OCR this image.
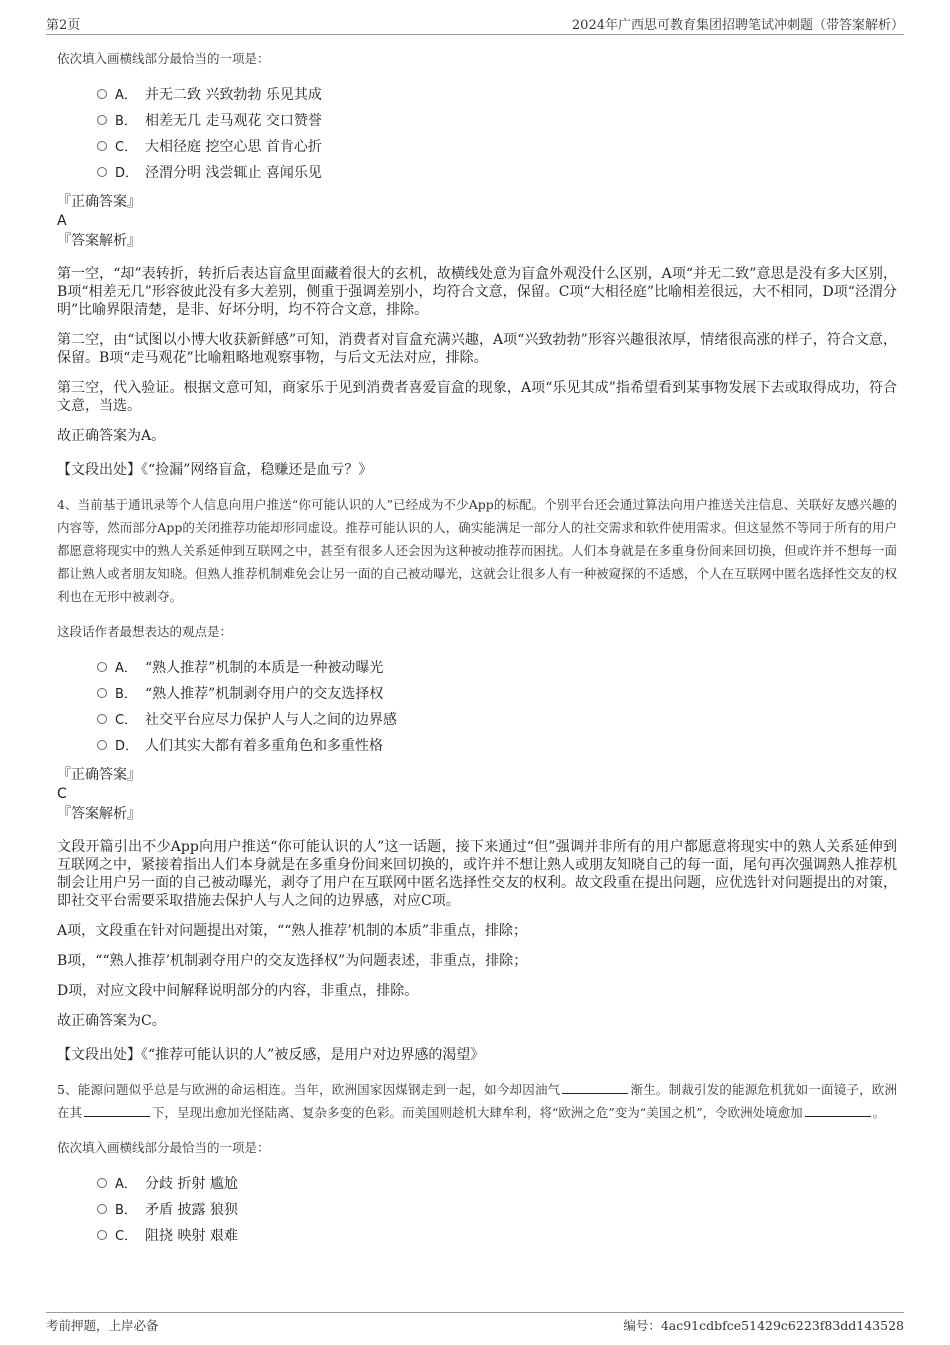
第2页	2024年广西思可教育集团招聘笔试冲刺题（带答案解析）

依次填入画横线部分最恰当的一项是：

A． 并无二致 兴致勃勃 乐见其成
B． 相差无几 走马观花 交口赞誉
C． 大相径庭 挖空心思 首肯心折
D． 泾渭分明 浅尝辄止 喜闻乐见

『正确答案』

A

『答案解析』

第一空，“却”表转折，转折后表达盲盒里面藏着很大的玄机，故横线处意为盲盒外观没什么区别，A项“并无二致”意思是没有多大区别，B项“相差无几”形容彼此没有多大差别，侧重于强调差别小，均符合文意，保留。C项“大相径庭”比喻相差很远，大不相同，D项“泾渭分明”比喻界限清楚，是非、好坏分明，均不符合文意，排除。

第二空，由“试图以小博大收获新鲜感”可知，消费者对盲盒充满兴趣，A项“兴致勃勃”形容兴趣很浓厚，情绪很高涨的样子，符合文意，保留。B项“走马观花”比喻粗略地观察事物，与后文无法对应，排除。

第三空，代入验证。根据文意可知，商家乐于见到消费者喜爱盲盒的现象，A项“乐见其成”指希望看到某事物发展下去或取得成功，符合文意，当选。

故正确答案为A。

【文段出处】《“捡漏”网络盲盒，稳赚还是血亏？》

4、当前基于通讯录等个人信息向用户推送“你可能认识的人”已经成为不少App的标配。个别平台还会通过算法向用户推送关注信息、关联好友感兴趣的内容等，然而部分App的关闭推荐功能却形同虚设。推荐可能认识的人，确实能满足一部分人的社交需求和软件使用需求。但这显然不等同于所有的用户都愿意将现实中的熟人关系延伸到互联网之中，甚至有很多人还会因为这种被动推荐而困扰。人们本身就是在多重身份间来回切换，但或许并不想每一面都让熟人或者朋友知晓。但熟人推荐机制难免会让另一面的自己被动曝光，这就会让很多人有一种被窥探的不适感，个人在互联网中匿名选择性交友的权利也在无形中被剥夺。

这段话作者最想表达的观点是：

A． “熟人推荐”机制的本质是一种被动曝光
B． “熟人推荐”机制剥夺用户的交友选择权
C． 社交平台应尽力保护人与人之间的边界感
D． 人们其实大都有着多重角色和多重性格

『正确答案』

C

『答案解析』

文段开篇引出不少App向用户推送“你可能认识的人”这一话题，接下来通过“但”强调并非所有的用户都愿意将现实中的熟人关系延伸到互联网之中，紧接着指出人们本身就是在多重身份间来回切换的，或许并不想让熟人或朋友知晓自己的每一面，尾句再次强调熟人推荐机制会让用户另一面的自己被动曝光，剥夺了用户在互联网中匿名选择性交友的权利。故文段重在提出问题，应优选针对问题提出的对策，即社交平台需要采取措施去保护人与人之间的边界感，对应C项。

A项，文段重在针对问题提出对策，““熟人推荐’机制的本质”非重点，排除；

B项，““熟人推荐’机制剥夺用户的交友选择权”为问题表述，非重点，排除；

D项，对应文段中间解释说明部分的内容，非重点，排除。

故正确答案为C。

【文段出处】《“推荐可能认识的人”被反感，是用户对边界感的渴望》

5、能源问题似乎总是与欧洲的命运相连。当年，欧洲国家因煤钢走到一起，如今却因油气	渐生。制裁引发的能源危机犹如一面镜子，欧洲在其	下，呈现出愈加光怪陆离、复杂多变的色彩。而美国则趁机大肆牟利，将“欧洲之危”变为“美国之机”，令欧洲处境愈加	。

依次填入画横线部分最恰当的一项是：

A． 分歧 折射 尴尬
B． 矛盾 披露 狼狈
C． 阻挠 映射 艰难
考前押题，上岸必备	编号：4ac91cdbfce51429c6223f83dd143528
